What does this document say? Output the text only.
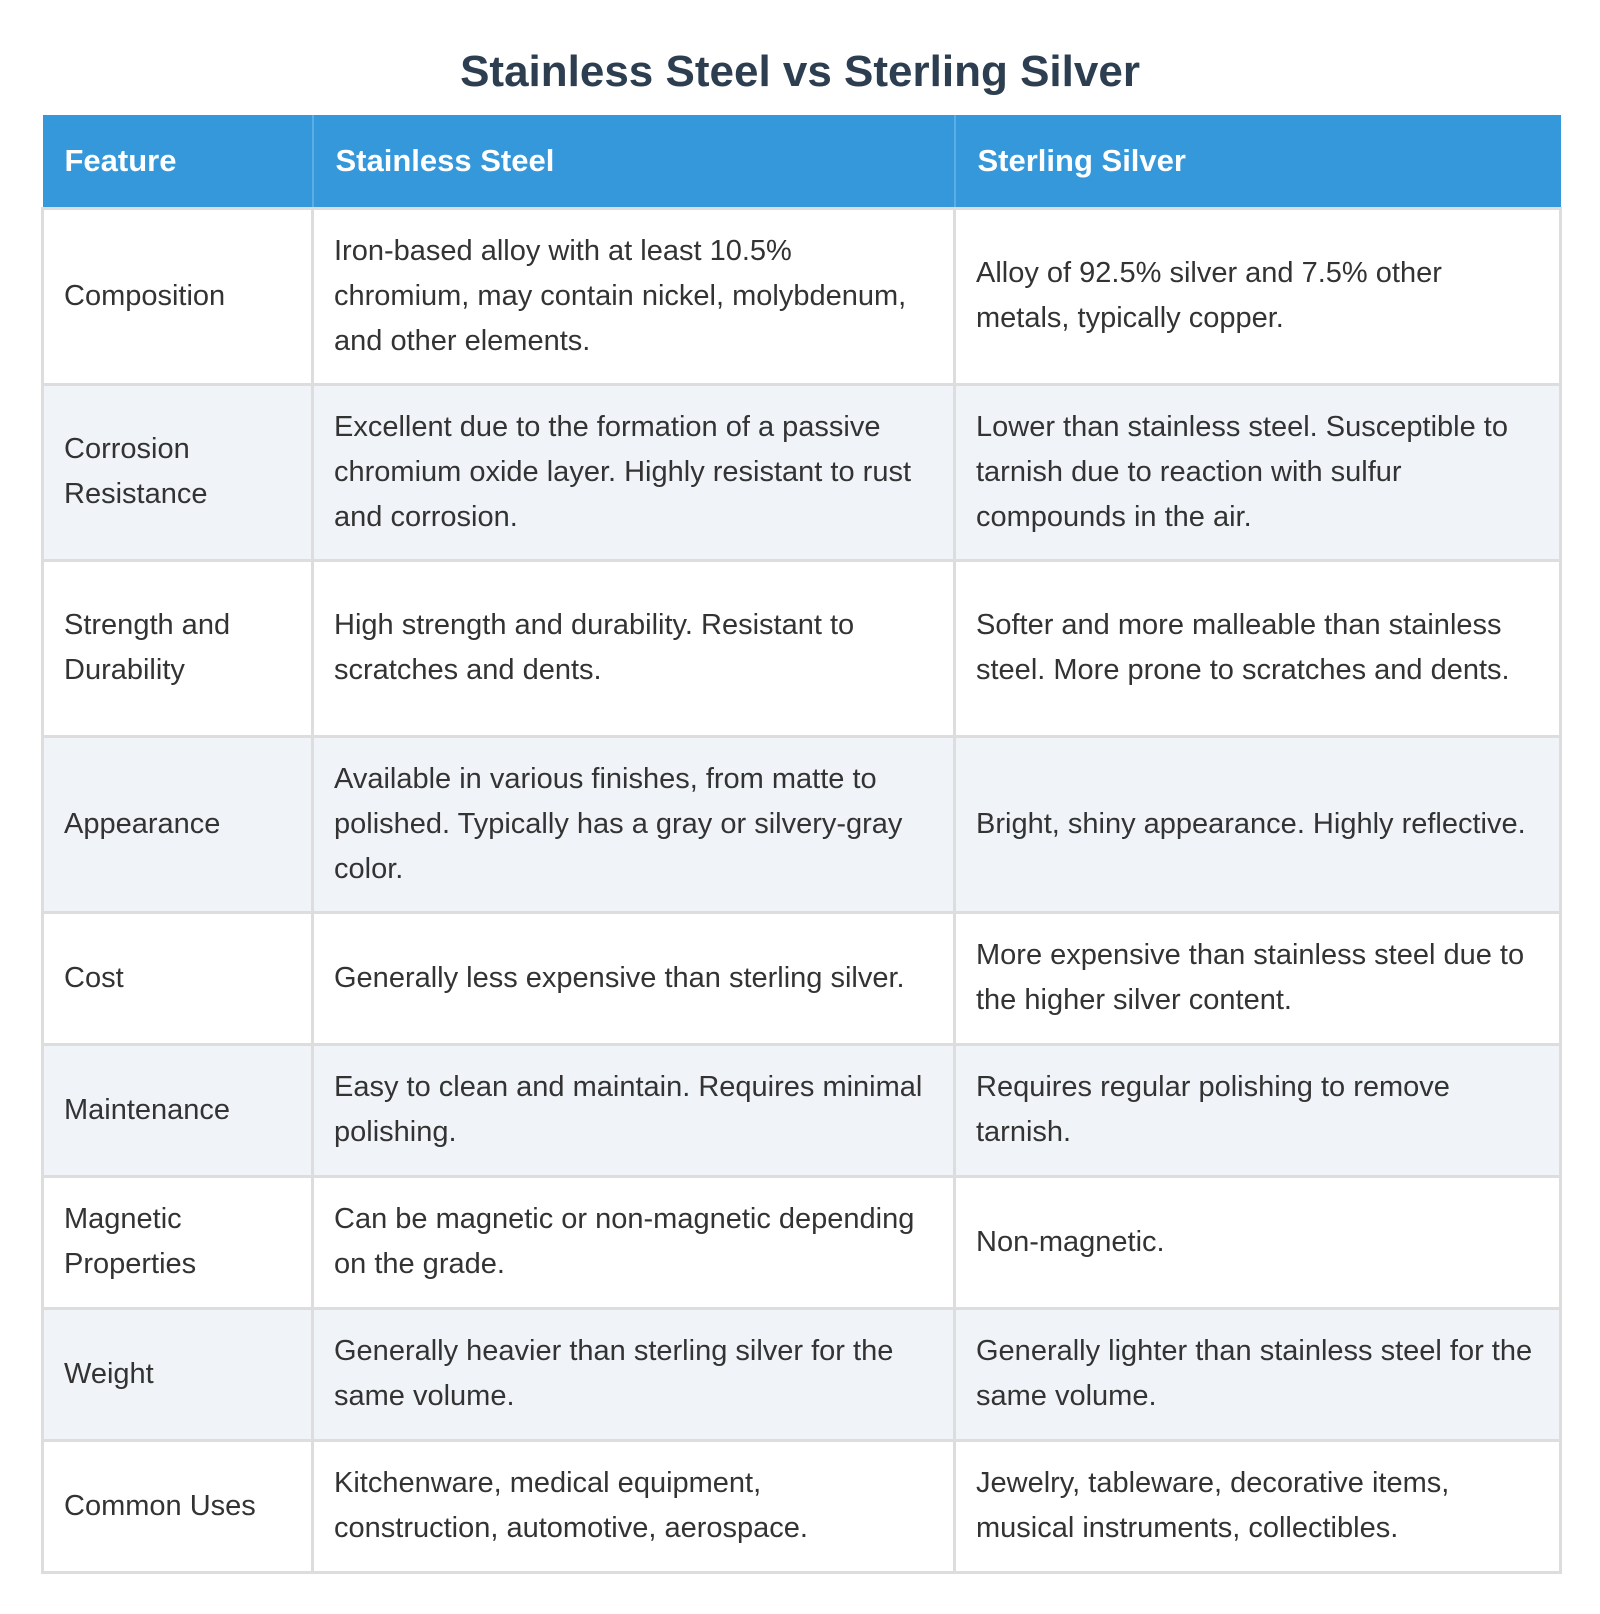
Stainless Steel vs Sterling Silver
Feature	Stainless Steel	Sterling Silver
Composition	Iron-based alloy with at least 10.5% chromium, may contain nickel, molybdenum, and other elements.	Alloy of 92.5% silver and 7.5% other metals, typically copper.
Corrosion Resistance	Excellent due to the formation of a passive chromium oxide layer. Highly resistant to rust and corrosion.	Lower than stainless steel. Susceptible to tarnish due to reaction with sulfur compounds in the air.
Strength and Durability	High strength and durability. Resistant to scratches and dents.	Softer and more malleable than stainless steel. More prone to scratches and dents.
Appearance	Available in various finishes, from matte to polished. Typically has a gray or silvery-gray color.	Bright, shiny appearance. Highly reflective.
Cost	Generally less expensive than sterling silver.	More expensive than stainless steel due to the higher silver content.
Maintenance	Easy to clean and maintain. Requires minimal polishing.	Requires regular polishing to remove tarnish.
Magnetic Properties	Can be magnetic or non-magnetic depending on the grade.	Non-magnetic.
Weight	Generally heavier than sterling silver for the same volume.	Generally lighter than stainless steel for the same volume.
Common Uses	Kitchenware, medical equipment, construction, automotive, aerospace.	Jewelry, tableware, decorative items, musical instruments, collectibles.
